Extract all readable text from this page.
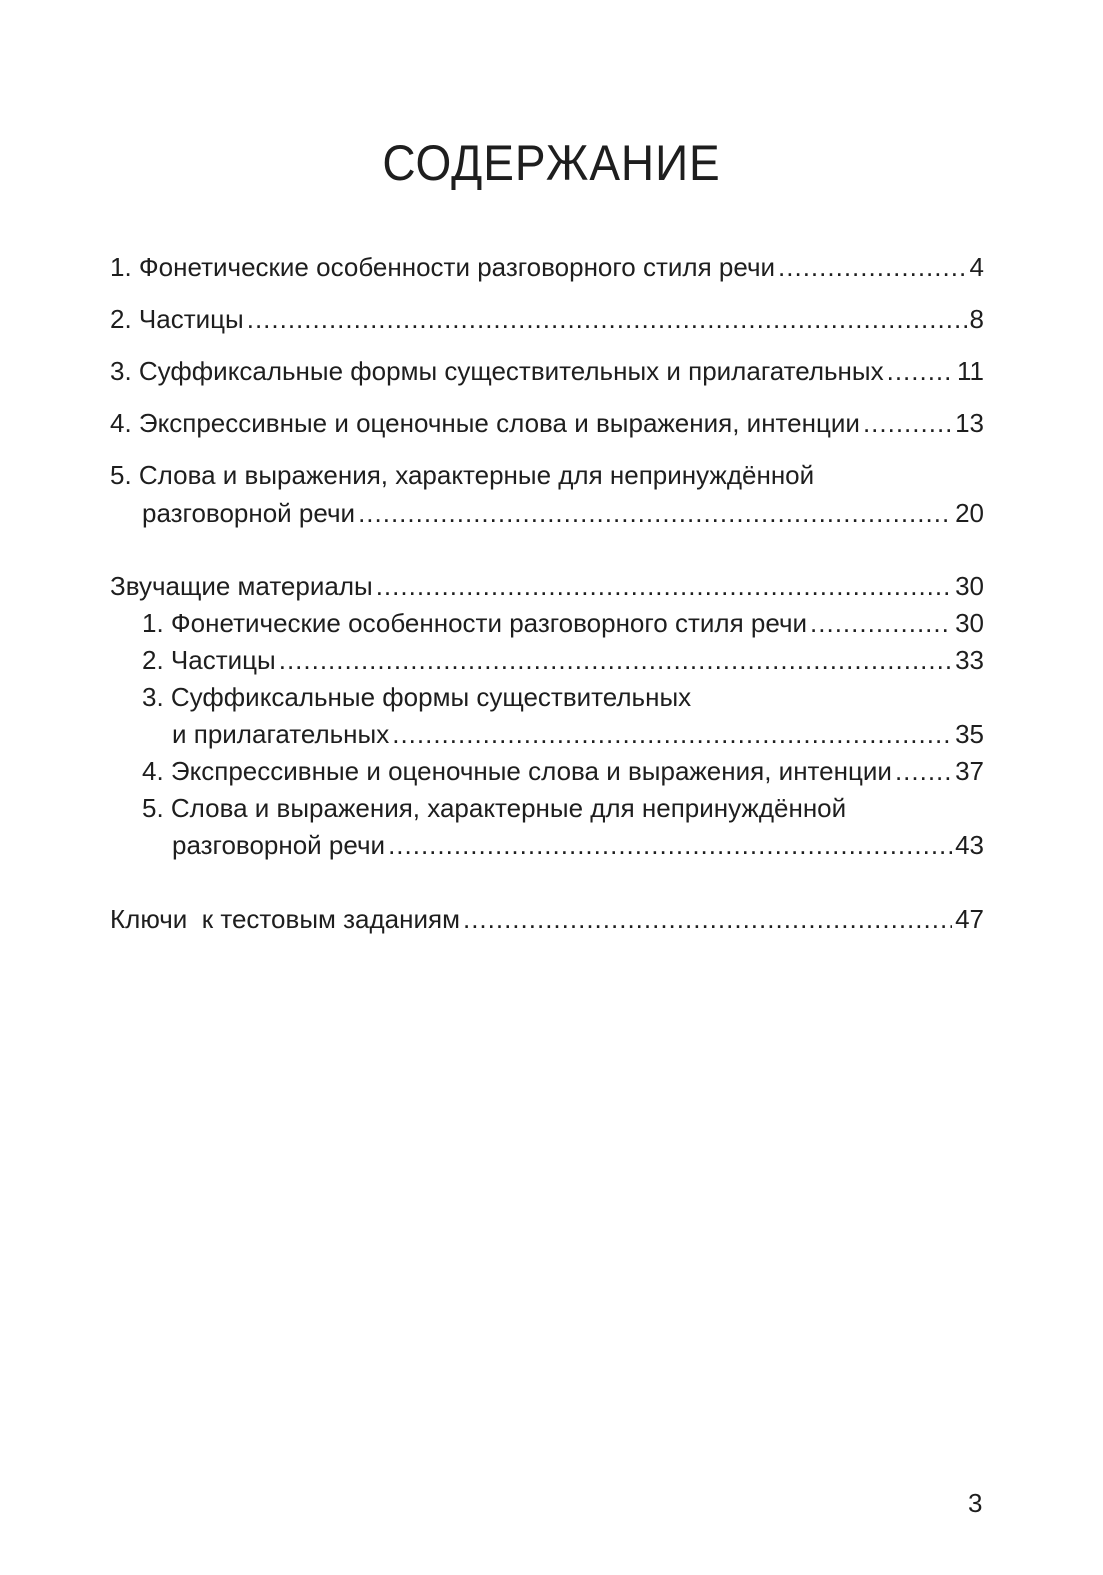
СОДЕРЖАНИЕ
1. Фонетические особенности разговорного стиля речи .....	4
2. Частицы .....	8
3. Суффиксальные формы существительных и прилагательных .....	11
4. Экспрессивные и оценочные слова и выражения, интенции .....	13
5. Слова и выражения, характерные для непринуждённой
разговорной речи .....	20
Звучащие материалы .....	30
1. Фонетические особенности разговорного стиля речи .....	30
2. Частицы .....	33
3. Суффиксальные формы существительных
и прилагательных .....	35
4. Экспрессивные и оценочные слова и выражения, интенции ..... 37
5. Слова и выражения, характерные для непринуждённой
разговорной речи .....	43
Ключи  к тестовым заданиям .....	47
3
